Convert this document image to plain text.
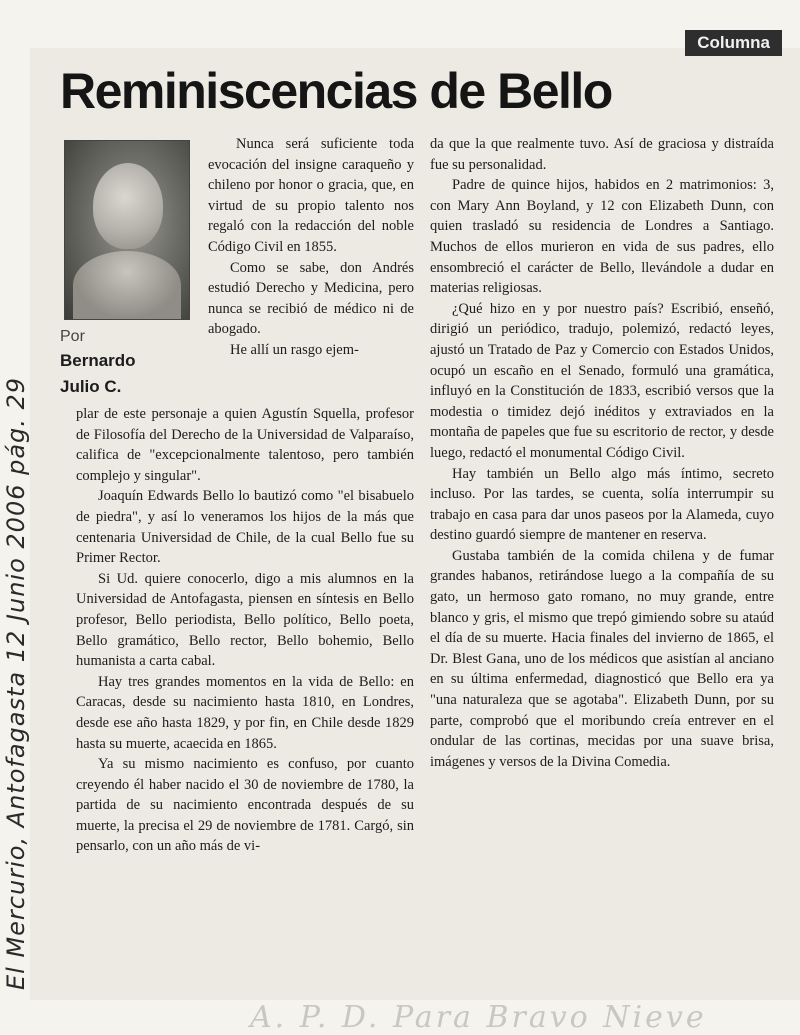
Columna
Reminiscencias de Bello
Por
Bernardo
Julio C.

Nunca será suficiente toda evocación del insigne caraqueño y chileno por honor o gracia, que, en virtud de su propio talento nos regaló con la redacción del noble Código Civil en 1855.

Como se sabe, don Andrés estudió Derecho y Medicina, pero nunca se recibió de médico ni de abogado.

He allí un rasgo ejem-

plar de este personaje a quien Agustín Squella, profesor de Filosofía del Derecho de la Universidad de Valparaíso, califica de "excepcionalmente talentoso, pero también complejo y singular".

Joaquín Edwards Bello lo bautizó como "el bisabuelo de piedra", y así lo veneramos los hijos de la más que centenaria Universidad de Chile, de la cual Bello fue su Primer Rector.

Si Ud. quiere conocerlo, digo a mis alumnos en la Universidad de Antofagasta, piensen en síntesis en Bello profesor, Bello periodista, Bello político, Bello poeta, Bello gramático, Bello rector, Bello bohemio, Bello humanista a carta cabal.

Hay tres grandes momentos en la vida de Bello: en Caracas, desde su nacimiento hasta 1810, en Londres, desde ese año hasta 1829, y por fin, en Chile desde 1829 hasta su muerte, acaecida en 1865.

Ya su mismo nacimiento es confuso, por cuanto creyendo él haber nacido el 30 de noviembre de 1780, la partida de su nacimiento encontrada después de su muerte, la precisa el 29 de noviembre de 1781. Cargó, sin pensarlo, con un año más de vi-

da que la que realmente tuvo. Así de graciosa y distraída fue su personalidad.

Padre de quince hijos, habidos en 2 matrimonios: 3, con Mary Ann Boyland, y 12 con Elizabeth Dunn, con quien trasladó su residencia de Londres a Santiago. Muchos de ellos murieron en vida de sus padres, ello ensombreció el carácter de Bello, llevándole a dudar en materias religiosas.

¿Qué hizo en y por nuestro país? Escribió, enseñó, dirigió un periódico, tradujo, polemizó, redactó leyes, ajustó un Tratado de Paz y Comercio con Estados Unidos, ocupó un escaño en el Senado, formuló una gramática, influyó en la Constitución de 1833, escribió versos que la modestia o timidez dejó inéditos y extraviados en la montaña de papeles que fue su escritorio de rector, y desde luego, redactó el monumental Código Civil.

Hay también un Bello algo más íntimo, secreto incluso. Por las tardes, se cuenta, solía interrumpir su trabajo en casa para dar unos paseos por la Alameda, cuyo destino guardó siempre de mantener en reserva.

Gustaba también de la comida chilena y de fumar grandes habanos, retirándose luego a la compañía de su gato, un hermoso gato romano, no muy grande, entre blanco y gris, el mismo que trepó gimiendo sobre su ataúd el día de su muerte. Hacia finales del invierno de 1865, el Dr. Blest Gana, uno de los médicos que asistían al anciano en su última enfermedad, diagnosticó que Bello era ya "una naturaleza que se agotaba". Elizabeth Dunn, por su parte, comprobó que el moribundo creía entrever en el ondular de las cortinas, mecidas por una suave brisa, imágenes y versos de la Divina Comedia.

El Mercurio, Antofagasta 12 Junio 2006 pág. 29
A. P. D. Para Bravo Nieve
